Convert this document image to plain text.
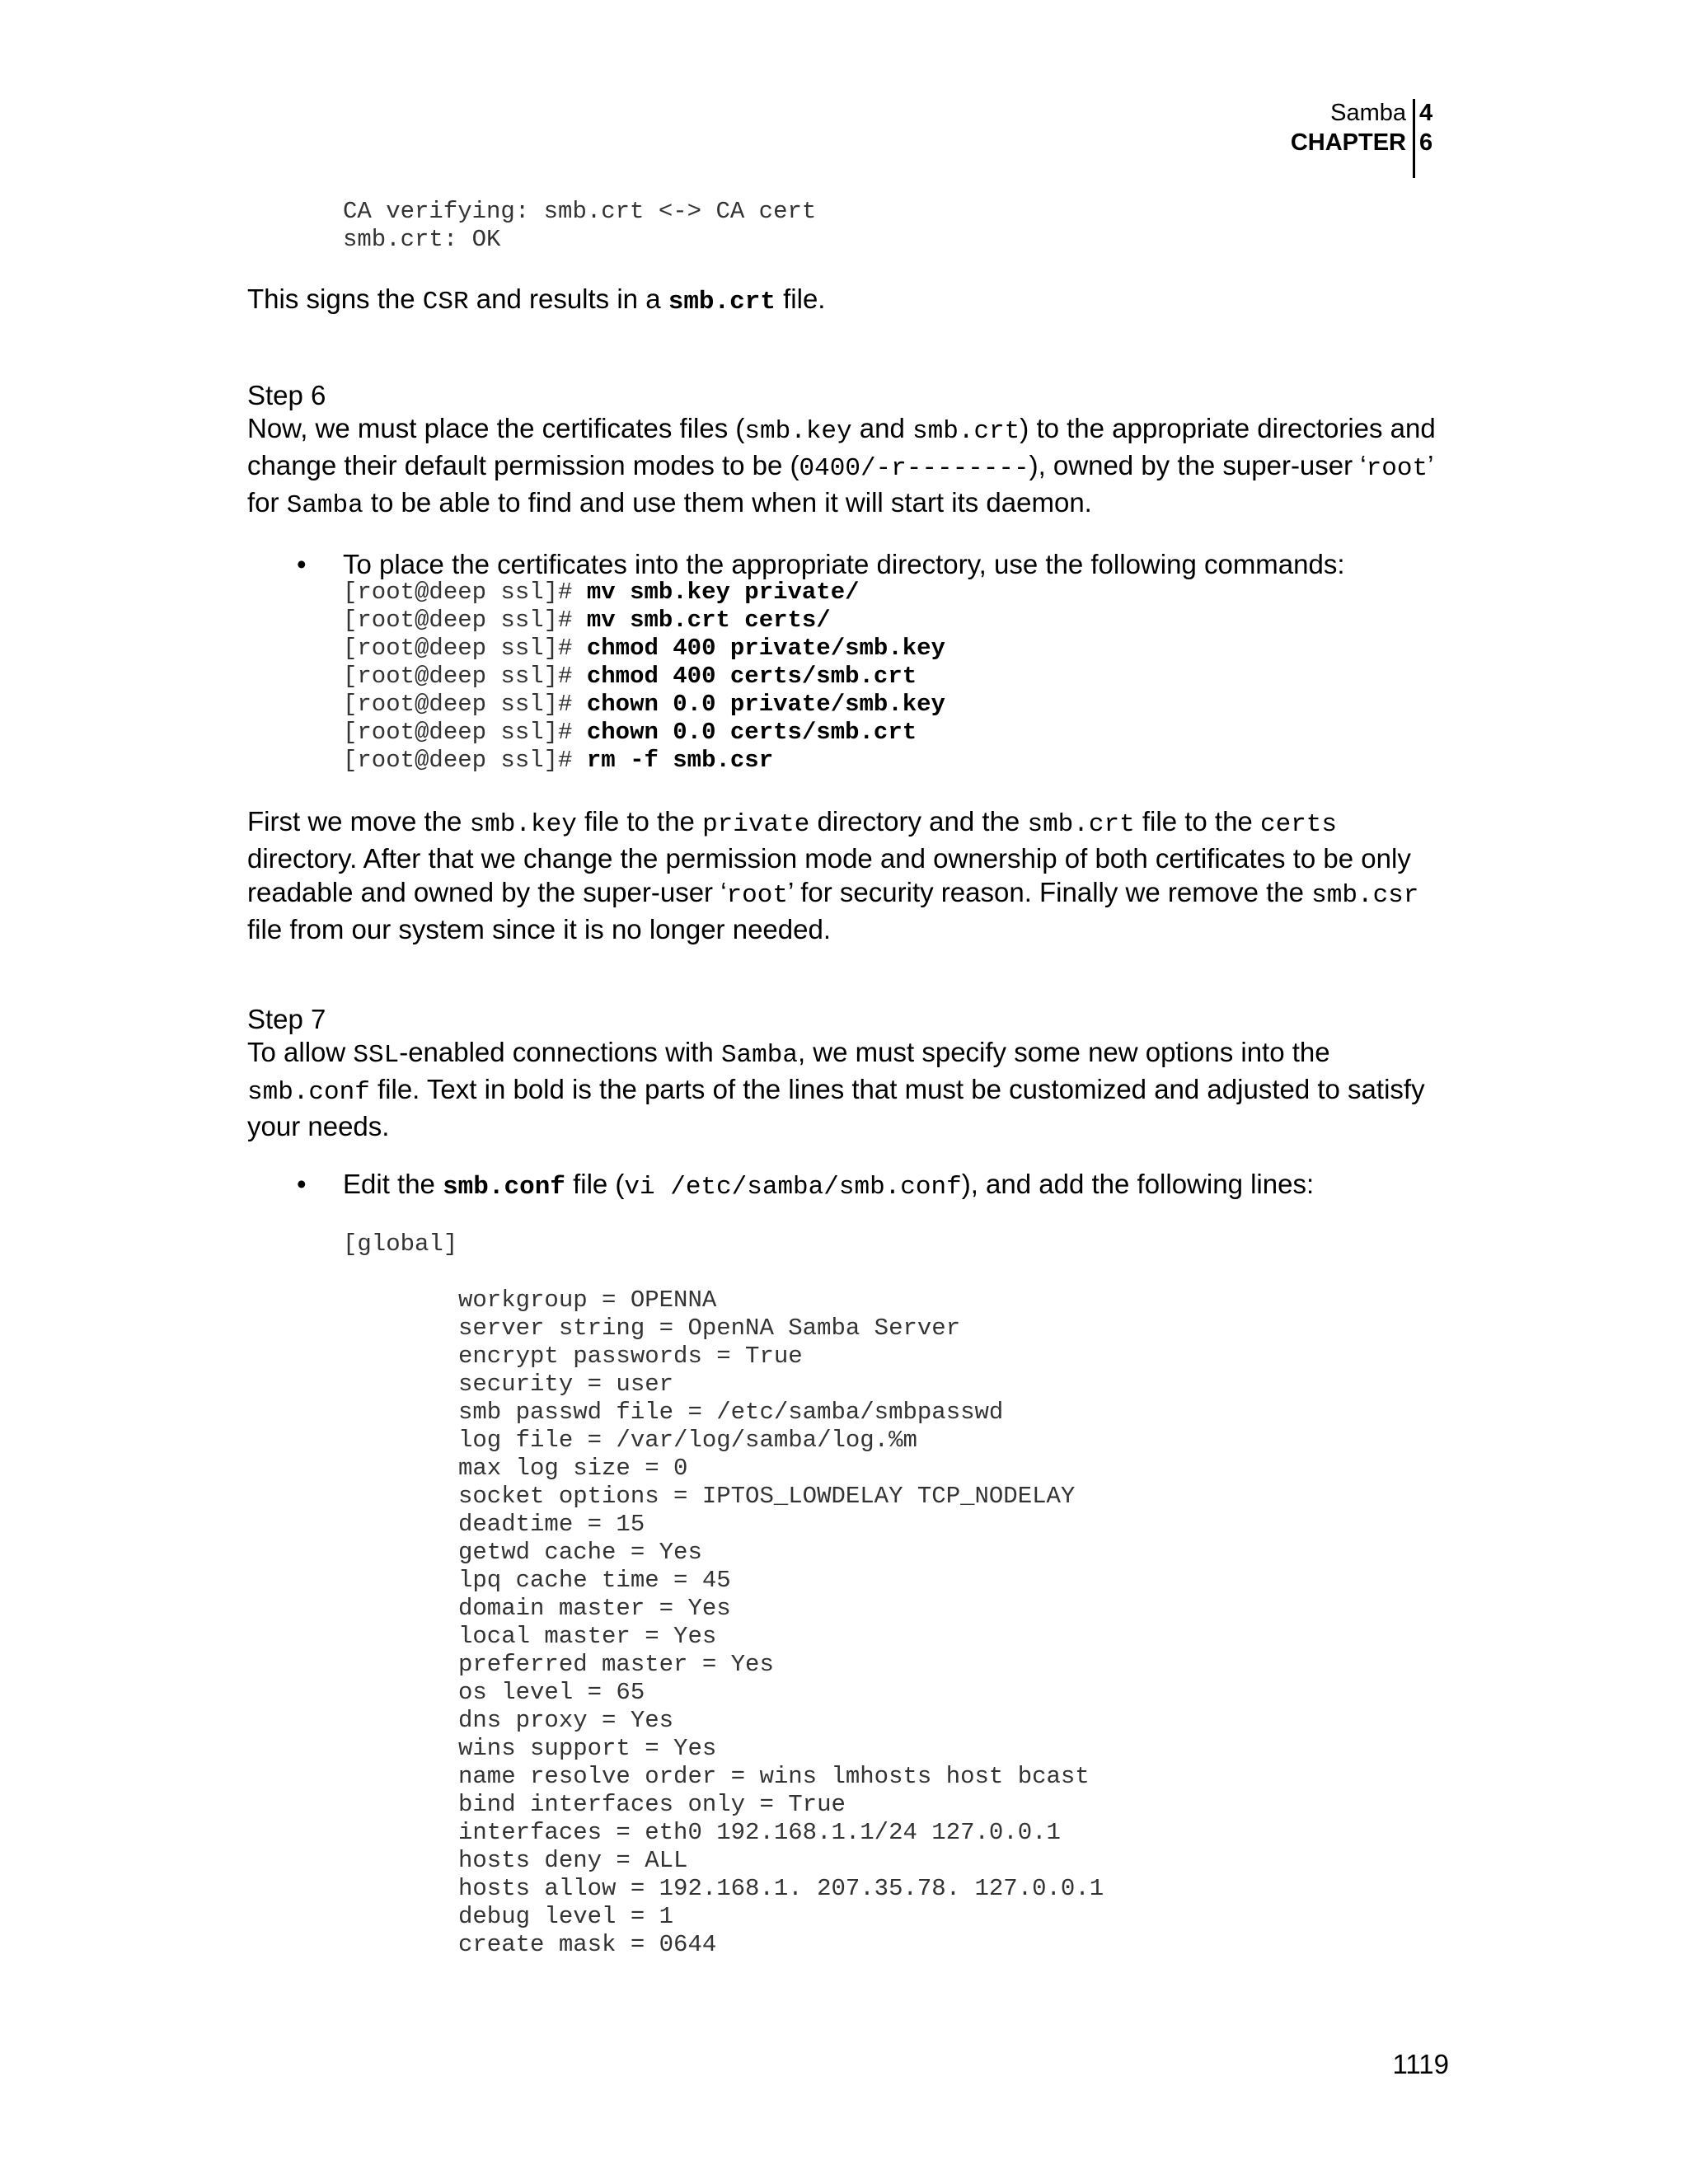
Samba
CHAPTER
4
6
CA verifying: smb.crt <-> CA cert
smb.crt: OK
This signs the CSR and results in a smb.crt file.
Step 6
Now, we must place the certificates files (smb.key and smb.crt) to the appropriate directories and change their default permission modes to be (0400/-r--------), owned by the super-user ‘root’ for Samba to be able to find and use them when it will start its daemon.
• To place the certificates into the appropriate directory, use the following commands:
[root@deep ssl]# mv smb.key private/
[root@deep ssl]# mv smb.crt certs/
[root@deep ssl]# chmod 400 private/smb.key
[root@deep ssl]# chmod 400 certs/smb.crt
[root@deep ssl]# chown 0.0 private/smb.key
[root@deep ssl]# chown 0.0 certs/smb.crt
[root@deep ssl]# rm -f smb.csr
First we move the smb.key file to the private directory and the smb.crt file to the certs directory. After that we change the permission mode and ownership of both certificates to be only readable and owned by the super-user ‘root’ for security reason. Finally we remove the smb.csr file from our system since it is no longer needed.
Step 7
To allow SSL-enabled connections with Samba, we must specify some new options into the smb.conf file. Text in bold is the parts of the lines that must be customized and adjusted to satisfy your needs.
• Edit the smb.conf file (vi /etc/samba/smb.conf), and add the following lines:
[global]
workgroup = OPENNA
server string = OpenNA Samba Server
encrypt passwords = True
security = user
smb passwd file = /etc/samba/smbpasswd
log file = /var/log/samba/log.%m
max log size = 0
socket options = IPTOS_LOWDELAY TCP_NODELAY
deadtime = 15
getwd cache = Yes
lpq cache time = 45
domain master = Yes
local master = Yes
preferred master = Yes
os level = 65
dns proxy = Yes
wins support = Yes
name resolve order = wins lmhosts host bcast
bind interfaces only = True
interfaces = eth0 192.168.1.1/24 127.0.0.1
hosts deny = ALL
hosts allow = 192.168.1. 207.35.78. 127.0.0.1
debug level = 1
create mask = 0644
1119
